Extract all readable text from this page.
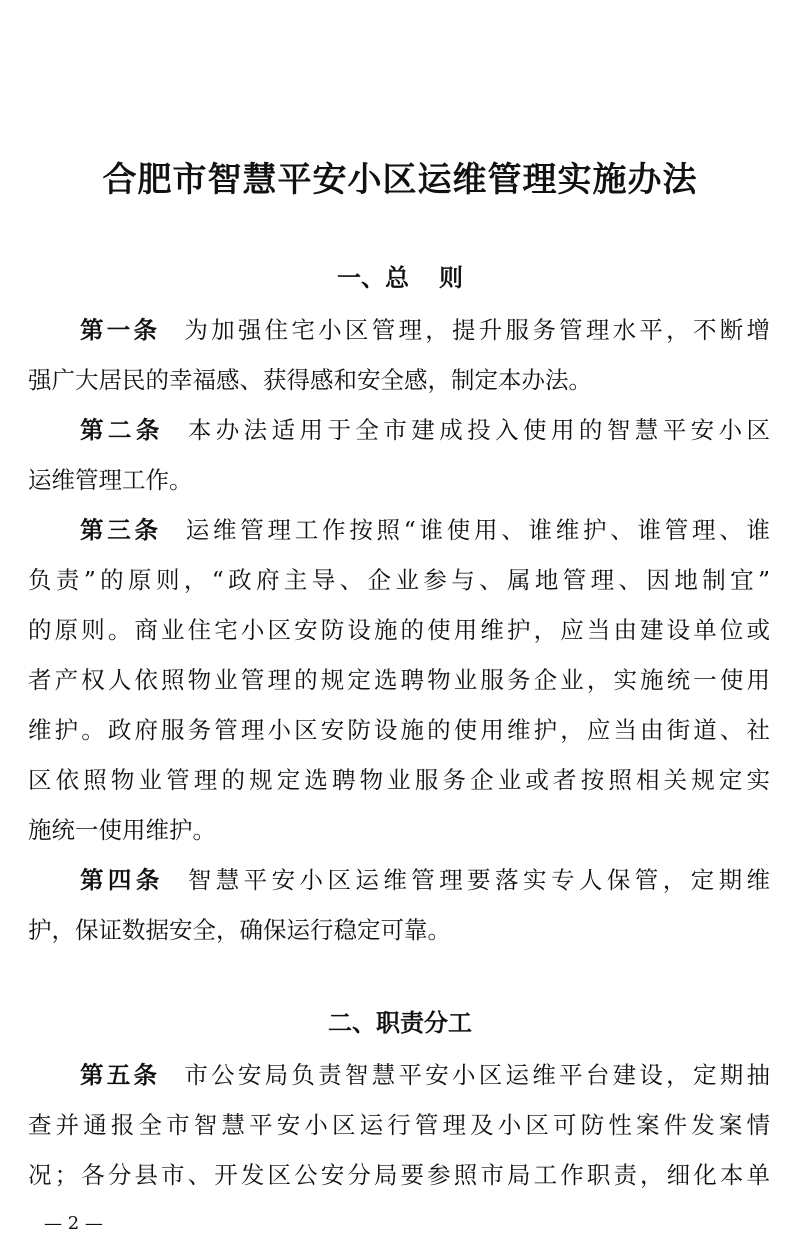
合肥市智慧平安小区运维管理实施办法
一、总 则
第一条 为加强住宅小区管理，提升服务管理水平，不断增
强广大居民的幸福感、获得感和安全感，制定本办法。
第二条 本办法适用于全市建成投入使用的智慧平安小区
运维管理工作。
第三条 运维管理工作按照“谁使用、谁维护、谁管理、谁
负责”的原则，“政府主导、企业参与、属地管理、因地制宜”
的原则。商业住宅小区安防设施的使用维护，应当由建设单位或
者产权人依照物业管理的规定选聘物业服务企业，实施统一使用
维护。政府服务管理小区安防设施的使用维护，应当由街道、社
区依照物业管理的规定选聘物业服务企业或者按照相关规定实
施统一使用维护。
第四条 智慧平安小区运维管理要落实专人保管，定期维
护，保证数据安全，确保运行稳定可靠。
二、职责分工
第五条 市公安局负责智慧平安小区运维平台建设，定期抽
查并通报全市智慧平安小区运行管理及小区可防性案件发案情
况；各分县市、开发区公安分局要参照市局工作职责，细化本单
— 2 —
